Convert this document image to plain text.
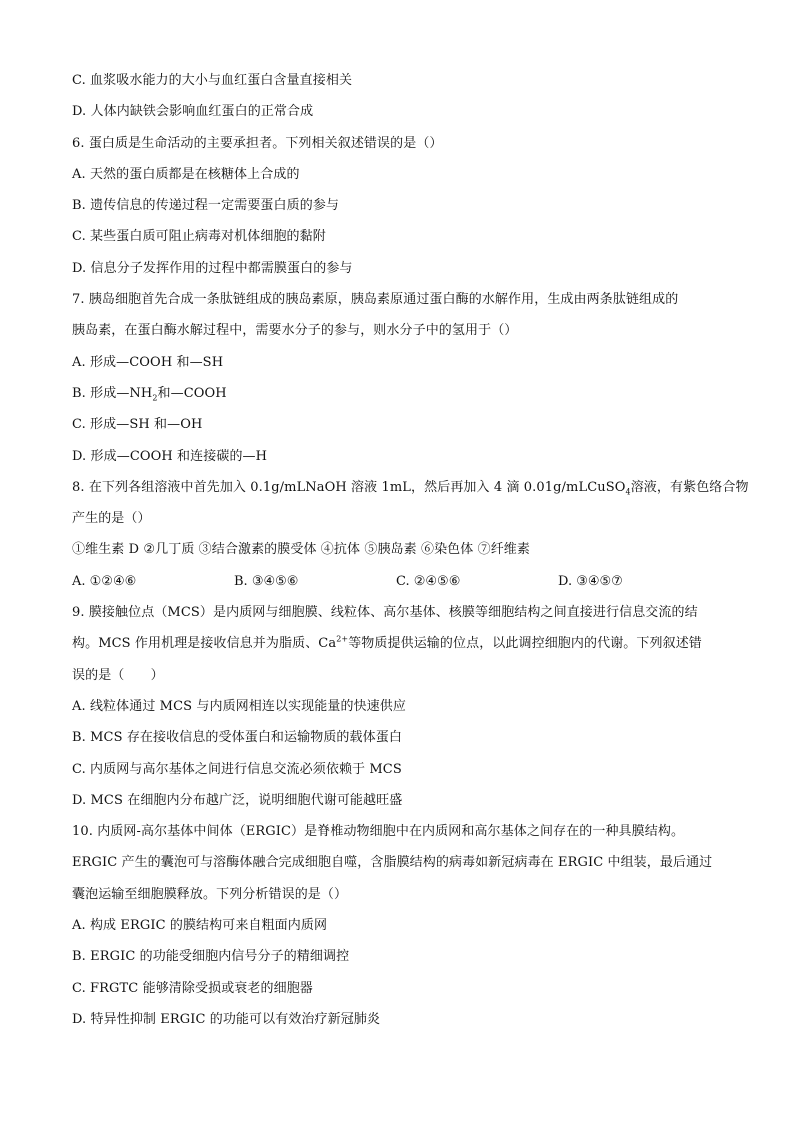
C. 血浆吸水能力的大小与血红蛋白含量直接相关
D. 人体内缺铁会影响血红蛋白的正常合成
6. 蛋白质是生命活动的主要承担者。下列相关叙述错误的是（）
A. 天然的蛋白质都是在核糖体上合成的
B. 遗传信息的传递过程一定需要蛋白质的参与
C. 某些蛋白质可阻止病毒对机体细胞的黏附
D. 信息分子发挥作用的过程中都需膜蛋白的参与
7. 胰岛细胞首先合成一条肽链组成的胰岛素原，胰岛素原通过蛋白酶的水解作用，生成由两条肽链组成的
胰岛素，在蛋白酶水解过程中，需要水分子的参与，则水分子中的氢用于（）
A. 形成—COOH 和—SH
B. 形成$—NH_2$和—COOH
C. 形成—SH 和—OH
D. 形成—COOH 和连接碳的—H
8. 在下列各组溶液中首先加入 0.1g/mLNaOH 溶液 1mL，然后再加入 4 滴 0.01g/mLCuSO$_4$溶液，有紫色络合物
产生的是（）
①维生素 D ②几丁质 ③结合激素的膜受体 ④抗体 ⑤胰岛素 ⑥染色体 ⑦纤维素
A. ①②④⑥	B. ③④⑤⑥	C. ②④⑤⑥	D. ③④⑤⑦
9. 膜接触位点（MCS）是内质网与细胞膜、线粒体、高尔基体、核膜等细胞结构之间直接进行信息交流的结
构。MCS 作用机理是接收信息并为脂质、$Ca^{2+}$等物质提供运输的位点，以此调控细胞内的代谢。下列叙述错
误的是（　　）
A. 线粒体通过 MCS 与内质网相连以实现能量的快速供应
B. MCS 存在接收信息的受体蛋白和运输物质的载体蛋白
C. 内质网与高尔基体之间进行信息交流必须依赖于 MCS
D. MCS 在细胞内分布越广泛，说明细胞代谢可能越旺盛
10. 内质网-高尔基体中间体（ERGIC）是脊椎动物细胞中在内质网和高尔基体之间存在的一种具膜结构。
ERGIC 产生的囊泡可与溶酶体融合完成细胞自噬，含脂膜结构的病毒如新冠病毒在 ERGIC 中组装，最后通过
囊泡运输至细胞膜释放。下列分析错误的是（）
A. 构成 ERGIC 的膜结构可来自粗面内质网
B. ERGIC 的功能受细胞内信号分子的精细调控
C. FRGTC 能够清除受损或衰老的细胞器
D. 特异性抑制 ERGIC 的功能可以有效治疗新冠肺炎
